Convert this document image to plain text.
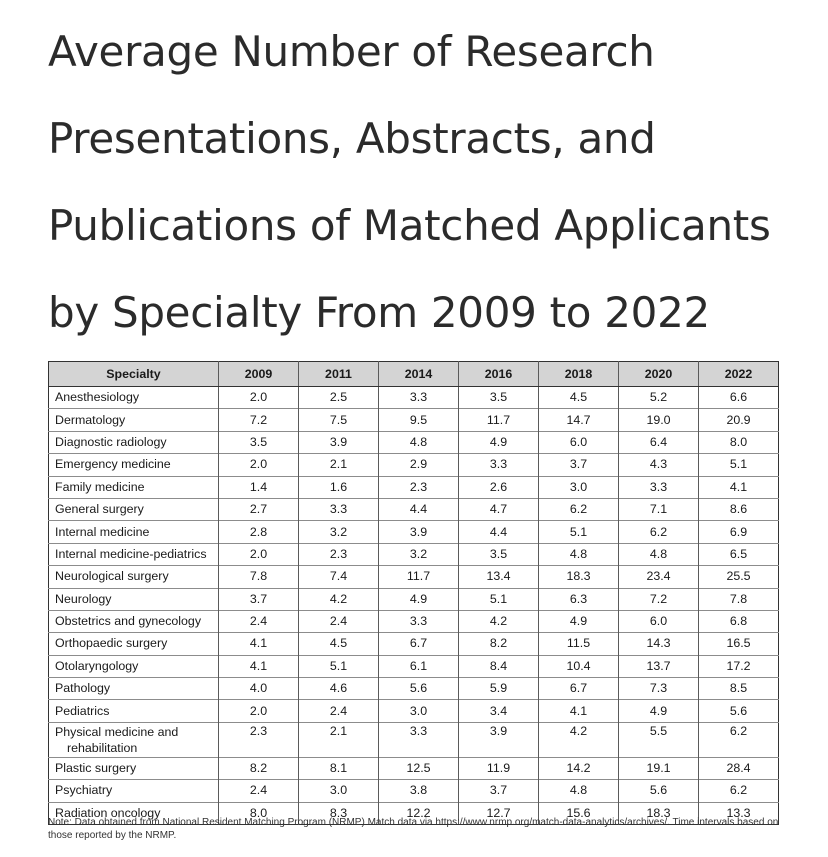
Average Number of Research
Presentations, Abstracts, and
Publications of Matched Applicants
by Specialty From 2009 to 2022
Specialty	2009	2011	2014	2016	2018	2020	2022
Anesthesiology	2.0	2.5	3.3	3.5	4.5	5.2	6.6
Dermatology	7.2	7.5	9.5	11.7	14.7	19.0	20.9
Diagnostic radiology	3.5	3.9	4.8	4.9	6.0	6.4	8.0
Emergency medicine	2.0	2.1	2.9	3.3	3.7	4.3	5.1
Family medicine	1.4	1.6	2.3	2.6	3.0	3.3	4.1
General surgery	2.7	3.3	4.4	4.7	6.2	7.1	8.6
Internal medicine	2.8	3.2	3.9	4.4	5.1	6.2	6.9
Internal medicine-pediatrics	2.0	2.3	3.2	3.5	4.8	4.8	6.5
Neurological surgery	7.8	7.4	11.7	13.4	18.3	23.4	25.5
Neurology	3.7	4.2	4.9	5.1	6.3	7.2	7.8
Obstetrics and gynecology	2.4	2.4	3.3	4.2	4.9	6.0	6.8
Orthopaedic surgery	4.1	4.5	6.7	8.2	11.5	14.3	16.5
Otolaryngology	4.1	5.1	6.1	8.4	10.4	13.7	17.2
Pathology	4.0	4.6	5.6	5.9	6.7	7.3	8.5
Pediatrics	2.0	2.4	3.0	3.4	4.1	4.9	5.6
Physical medicine and
rehabilitation	2.3	2.1	3.3	3.9	4.2	5.5	6.2
Plastic surgery	8.2	8.1	12.5	11.9	14.2	19.1	28.4
Psychiatry	2.4	3.0	3.8	3.7	4.8	5.6	6.2
Radiation oncology	8.0	8.3	12.2	12.7	15.6	18.3	13.3

Note: Data obtained from National Resident Matching Program (NRMP) Match data via https://www.nrmp.org/match-data-analytics/archives/. Time intervals based on those reported by the NRMP.
